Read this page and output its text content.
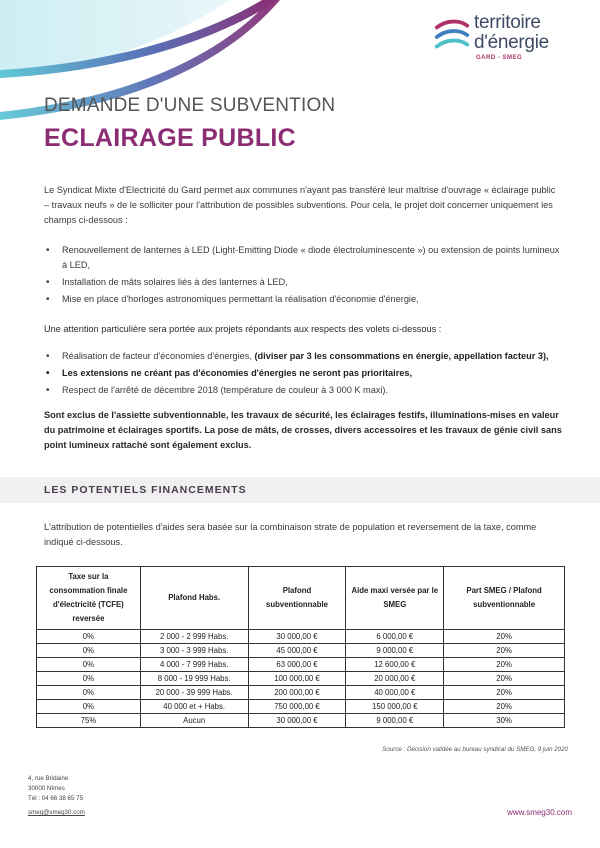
territoire
d'énergie
GARD - SMEG
DEMANDE D'UNE SUBVENTION
ECLAIRAGE PUBLIC
Le Syndicat Mixte d'Electricité du Gard permet aux communes n'ayant pas transféré leur maîtrise d'ouvrage « éclairage public – travaux neufs » de le solliciter pour l'attribution de possibles subventions. Pour cela, le projet doit concerner uniquement les champs ci-dessous :
• Renouvellement de lanternes à LED (Light-Emitting Diode « diode électroluminescente ») ou extension de points lumineux à LED,
• Installation de mâts solaires liés à des lanternes à LED,
• Mise en place d'horloges astronomiques permettant la réalisation d'économie d'énergie,
Une attention particulière sera portée aux projets répondants aux respects des volets ci-dessous :
• Réalisation de facteur d'économies d'énergies, (diviser par 3 les consommations en énergie, appellation facteur 3),
• Les extensions ne créant pas d'économies d'énergies ne seront pas prioritaires,
• Respect de l'arrêté de décembre 2018 (température de couleur à 3 000 K maxi).
Sont exclus de l'assiette subventionnable, les travaux de sécurité, les éclairages festifs, illuminations-mises en valeur du patrimoine et éclairages sportifs. La pose de mâts, de crosses, divers accessoires et les travaux de génie civil sans point lumineux rattaché sont également exclus.
LES POTENTIELS FINANCEMENTS
L'attribution de potentielles d'aides sera basée sur la combinaison strate de population et reversement de la taxe, comme indiqué ci-dessous.
Taxe sur la consommation finale d'électricité (TCFE) reversée	Plafond Habs.	Plafond subventionnable	Aide maxi versée par le SMEG	Part SMEG / Plafond subventionnable
0%	2 000 - 2 999 Habs.	30 000,00 €	6 000,00 €	20%
0%	3 000 - 3 999 Habs.	45 000,00 €	9 000,00 €	20%
0%	4 000 - 7 999 Habs.	63 000,00 €	12 600,00 €	20%
0%	8 000 - 19 999 Habs.	100 000,00 €	20 000,00 €	20%
0%	20 000 - 39 999 Habs.	200 000,00 €	40 000,00 €	20%
0%	40 000 et + Habs.	750 000,00 €	150 000,00 €	20%
75%	Aucun	30 000,00 €	9 000,00 €	30%
Source : Décision validée au bureau syndical du SMEG, 9 juin 2020
4, rue Bridaine
30000 Nîmes
Tél : 04 66 38 65 75
smeg@smeg30.com	www.smeg30.com
